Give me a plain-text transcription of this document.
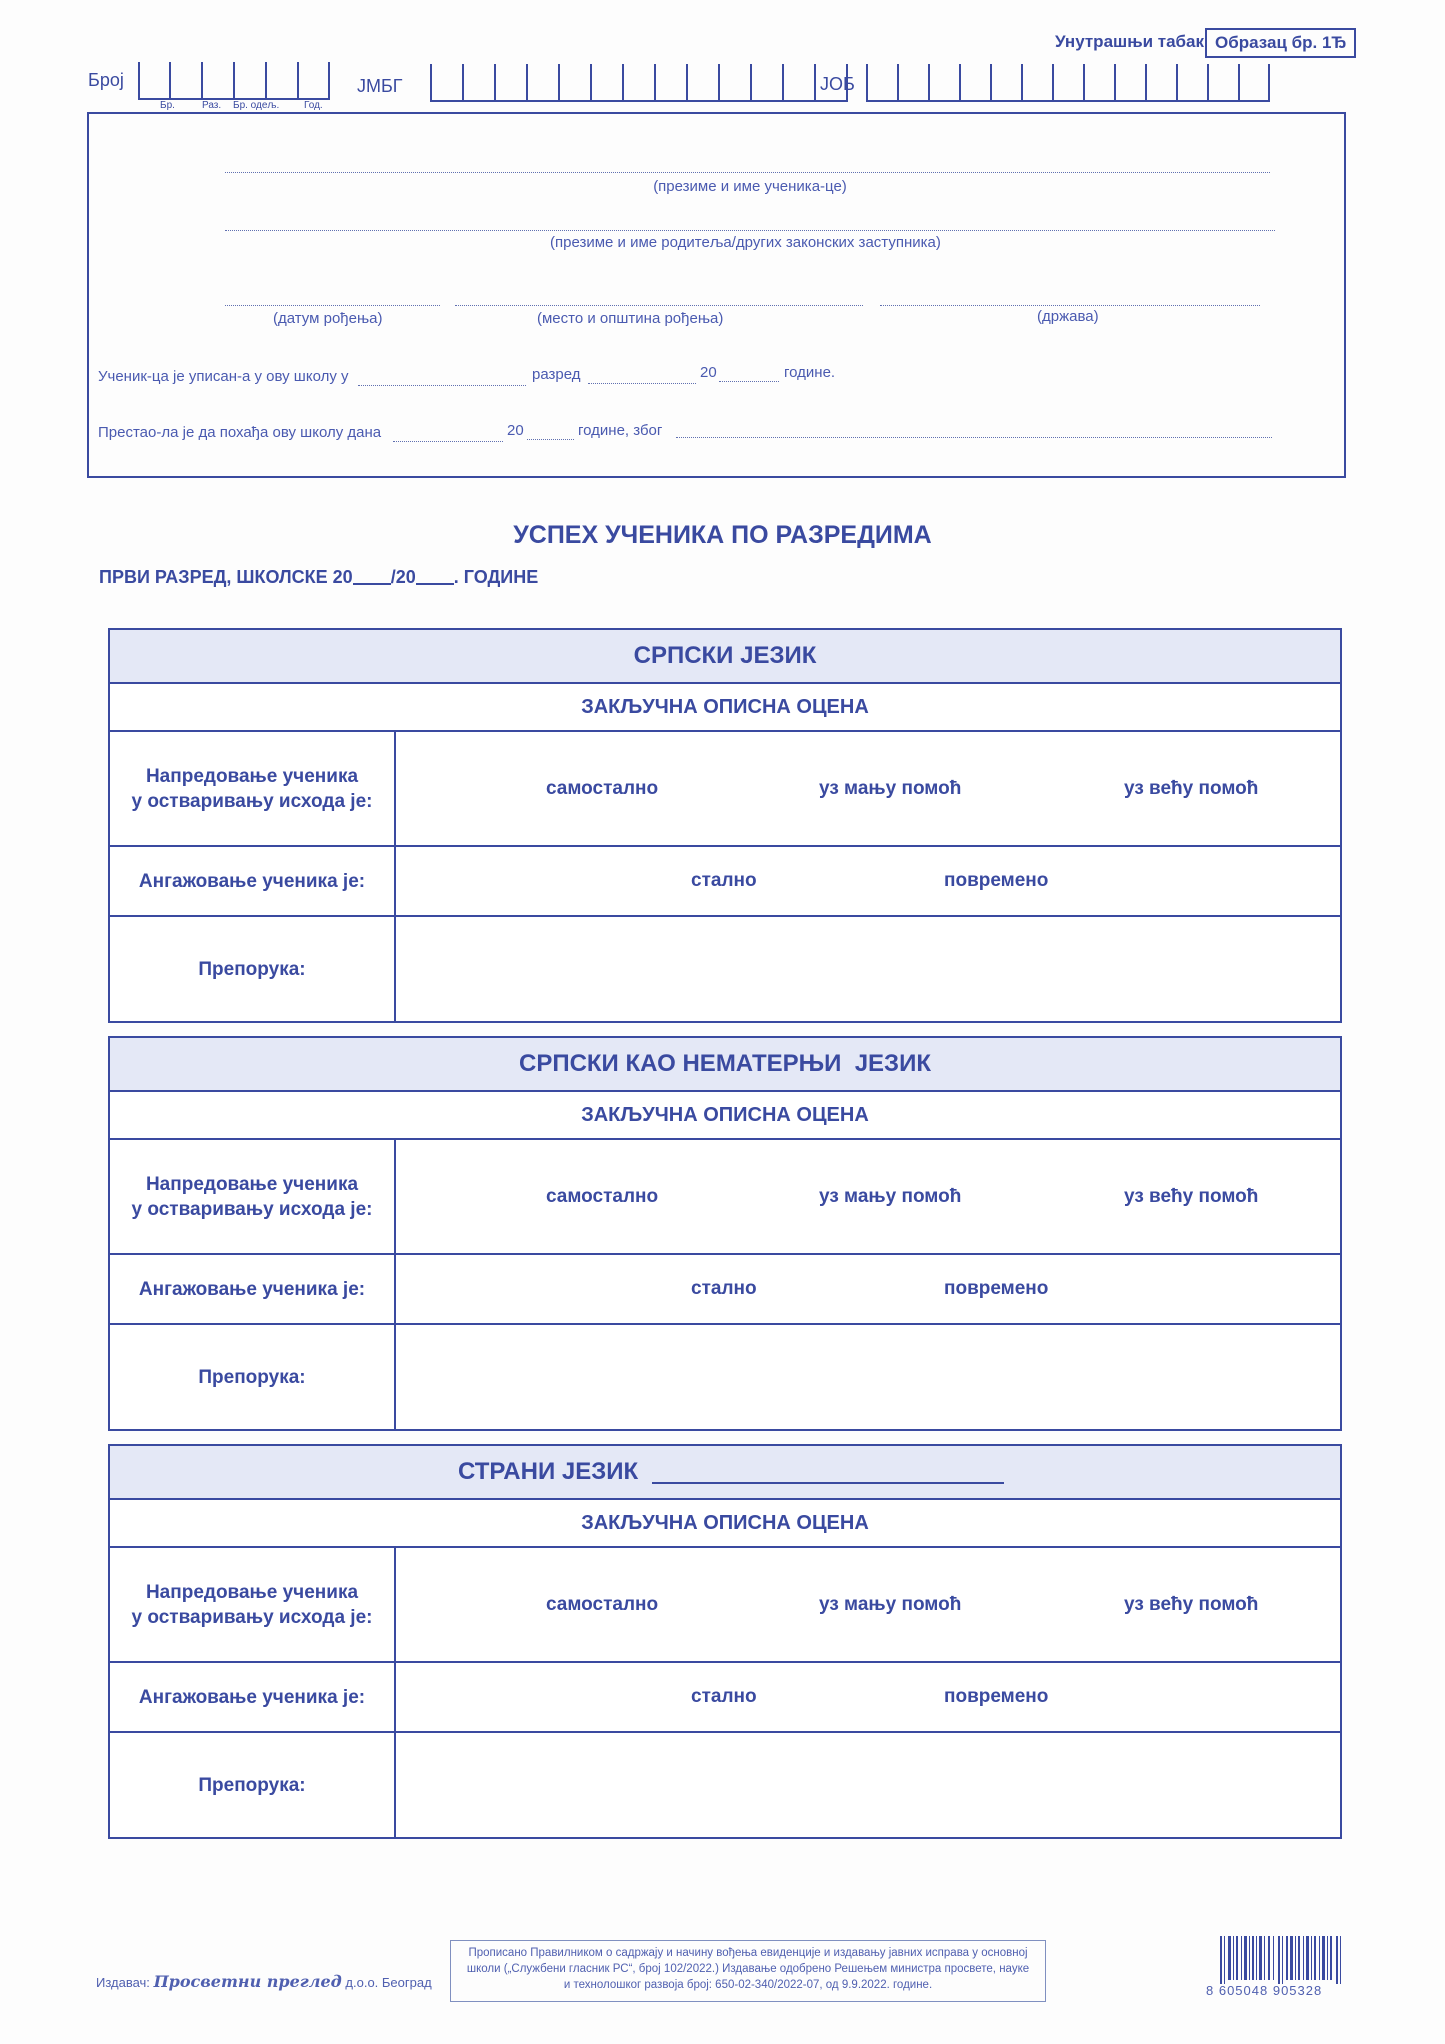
Унутрашњи табак Образац бр. 1Ђ
Број
Бр.	Раз. Бр. одељ. Год.
ЈМБГ	ЈОБ
(презиме и име ученика-це)
(презиме и име родитеља/других законских заступника)
(датум рођења)	(место и општина рођења)	(држава)
Ученик-ца је уписан-а у ову школу у	разред	20	године.
Престао-ла је да похађа ову школу дана	20	године, због
УСПЕХ УЧЕНИКА ПО РАЗРЕДИМА
ПРВИ РАЗРЕД, ШКОЛСКЕ 20 /20 . ГОДИНЕ
СРПСКИ ЈЕЗИК
ЗАКЉУЧНА ОПИСНА ОЦЕНА
Напредовање ученика
у остваривању исхода је:
самостално	уз мању помоћ	уз већу помоћ
Ангажовање ученика је:	стално	повремено
Препорука:
СРПСКИ КАО НЕМАТЕРЊИ  ЈЕЗИК
ЗАКЉУЧНА ОПИСНА ОЦЕНА
Напредовање ученика
у остваривању исхода је:
самостално	уз мању помоћ	уз већу помоћ
Ангажовање ученика је:	стално	повремено
Препорука:
СТРАНИ ЈЕЗИК
ЗАКЉУЧНА ОПИСНА ОЦЕНА
Напредовање ученика
у остваривању исхода је:
самостално	уз мању помоћ	уз већу помоћ
Ангажовање ученика је:	стално	повремено
Препорука:
Издавач: Просветни преглед д.о.о. Београд
Прописано Правилником о садржају и начину вођења евиденције и издавању јавних исправа у основној школи („Службени гласник РС“, број 102/2022.) Издавање одобрено Решењем министра просвете, науке и технолошког развоја број: 650-02-340/2022-07, од 9.9.2022. године.	8 605048 905328
